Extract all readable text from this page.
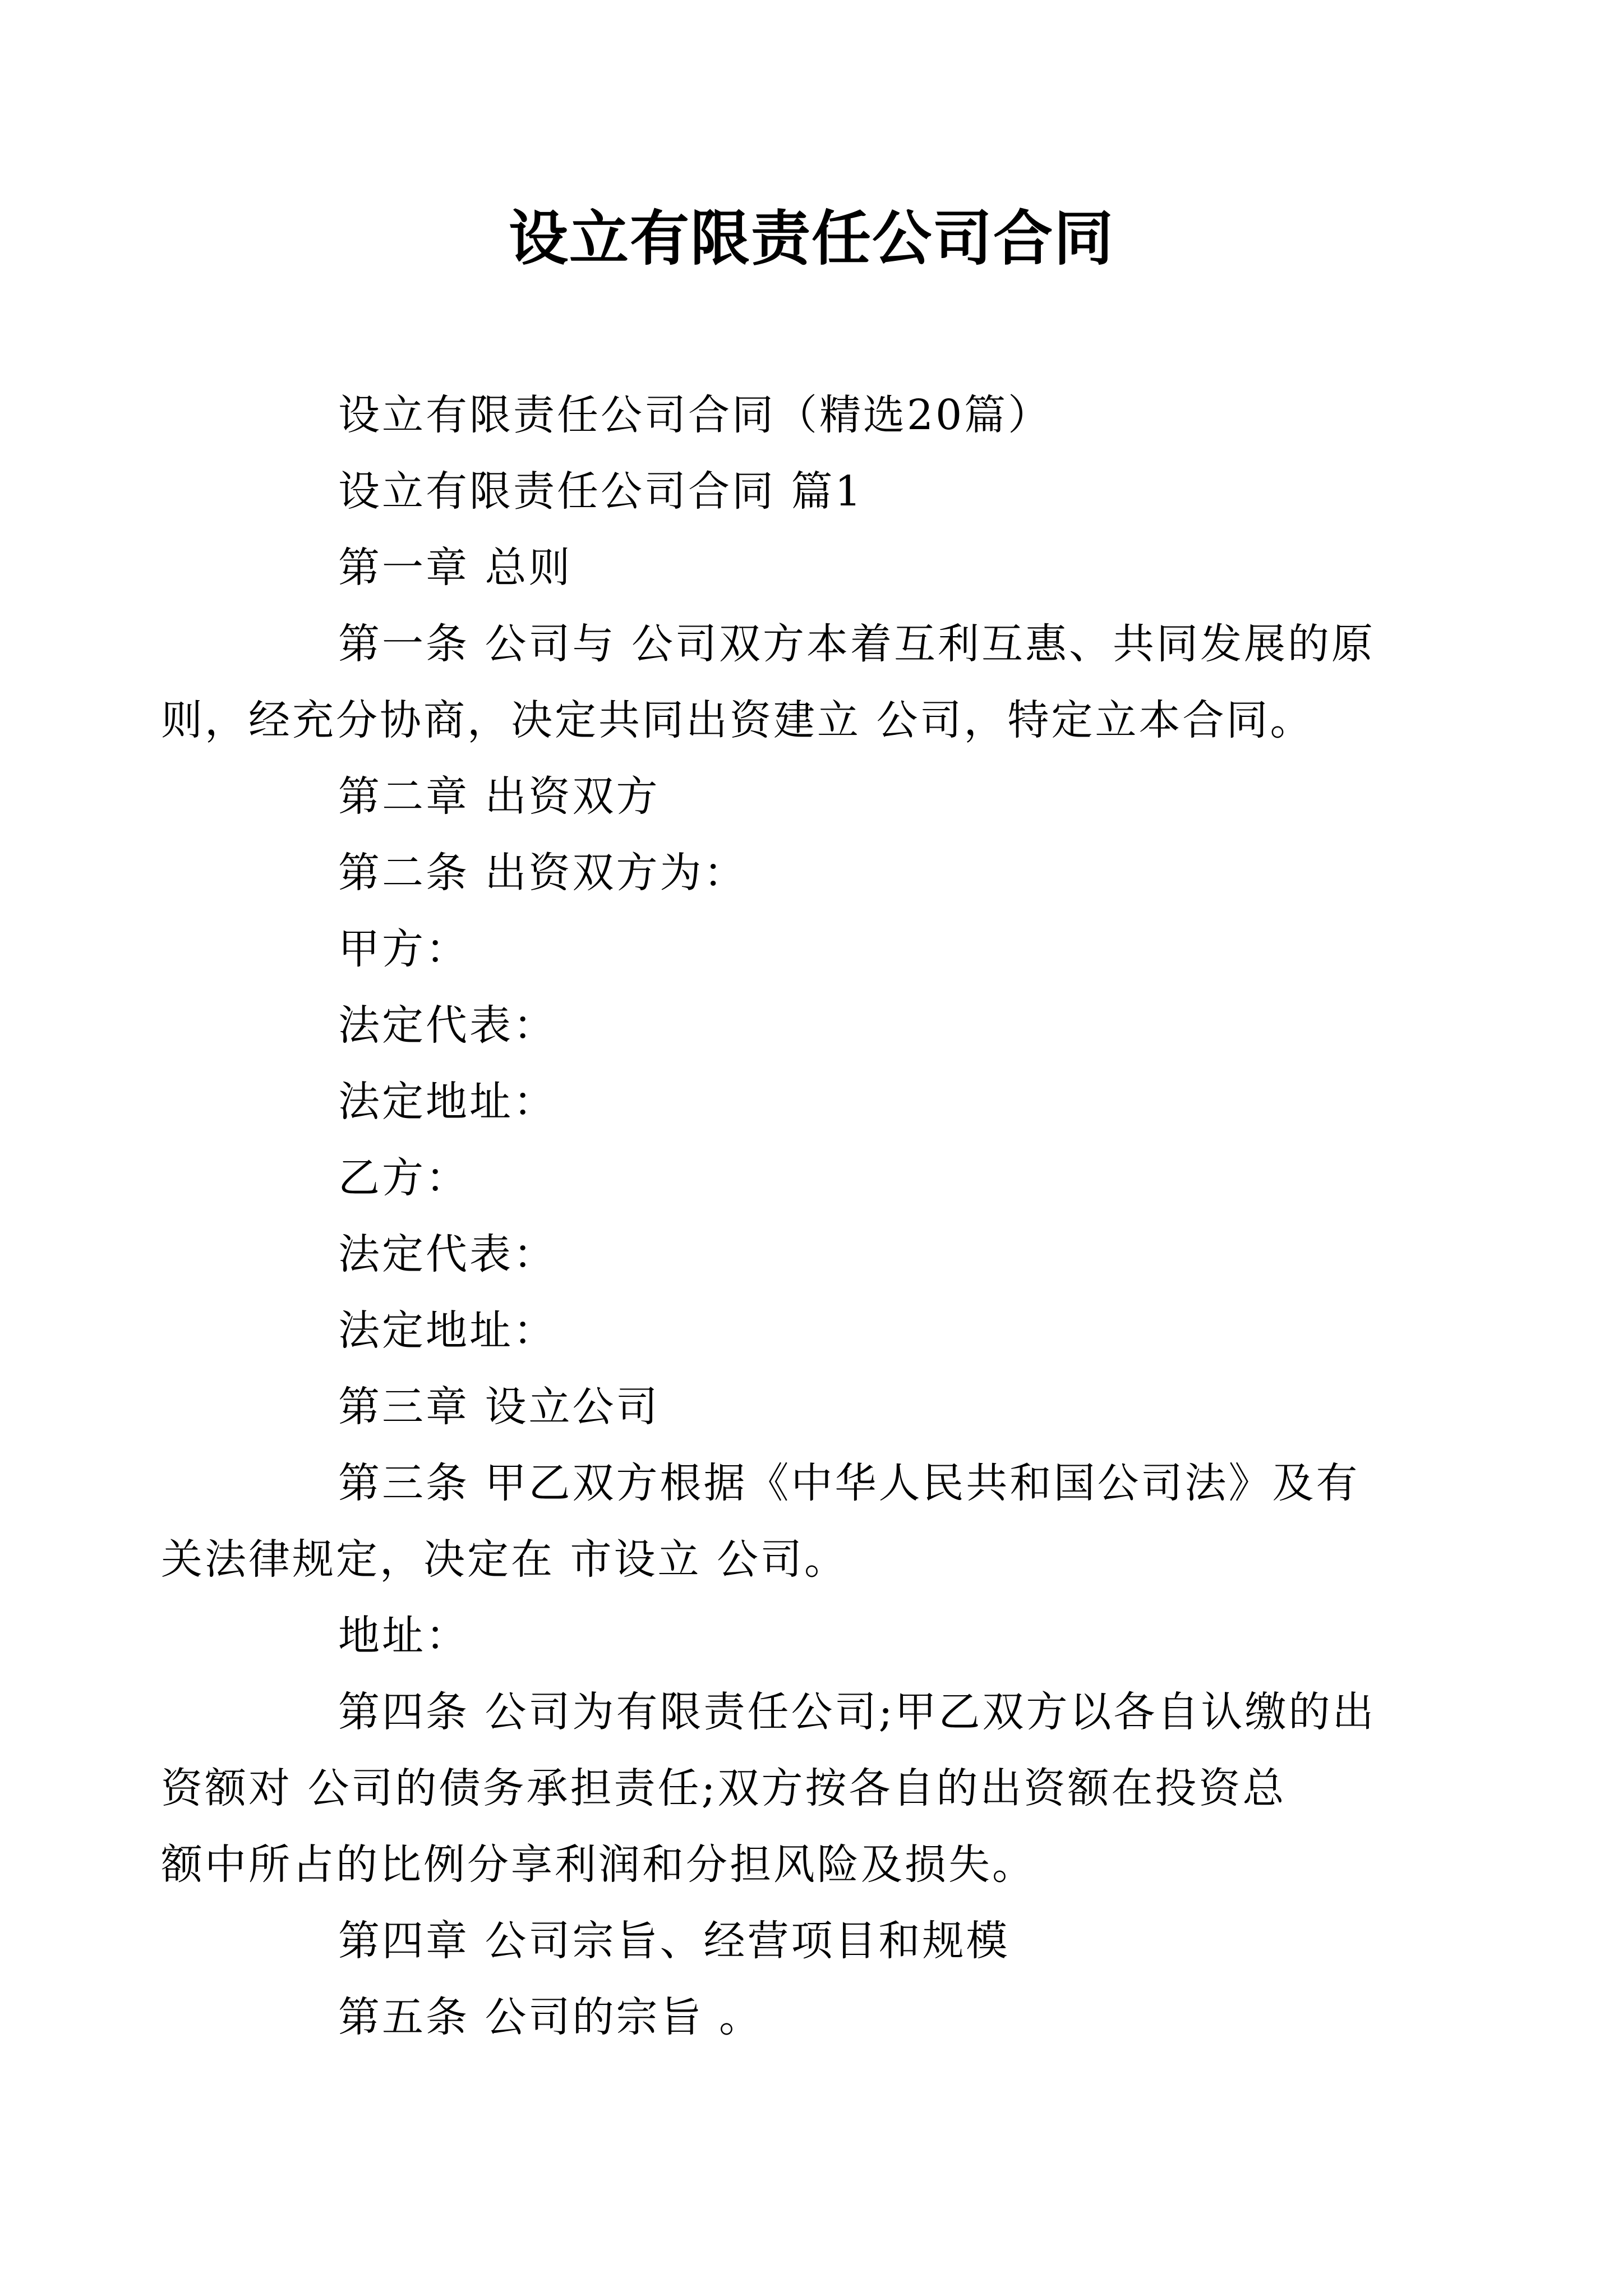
设立有限责任公司合同

设立有限责任公司合同（精选20篇）

设立有限责任公司合同 篇1

第一章 总则

第一条 公司与 公司双方本着互利互惠、共同发展的原
则，经充分协商，决定共同出资建立 公司，特定立本合同。

第二章 出资双方

第二条 出资双方为：

甲方：

法定代表：

法定地址：

乙方：

法定代表：

法定地址：

第三章 设立公司

第三条 甲乙双方根据《中华人民共和国公司法》及有
关法律规定，决定在 市设立 公司。

地址：

第四条 公司为有限责任公司;甲乙双方以各自认缴的出
资额对 公司的债务承担责任;双方按各自的出资额在投资总
额中所占的比例分享利润和分担风险及损失。

第四章 公司宗旨、经营项目和规模

第五条 公司的宗旨 。
